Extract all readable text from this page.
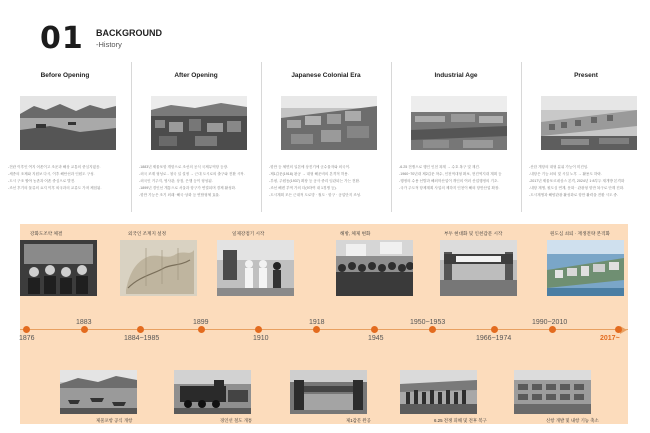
01 BACKGROUND
-History
Before Opening
-전란 이후인 여지 어촌이고 조운과 해상 교통의 중심지였음.
-세종의 조제와 지원보 다시, 이후 해안선과 인원도 구성.
-도시 구조 할야 농촌과 어촌 중심으로 발전.
-조선 후기의 물류의 요지 이후 외국과의 교류도 가져 체험됨.
After Opening
-1883년 제물포항 개항으로 조선의 공식 국제무역항 등장.
-외국 조계 형성로 - 청국 일 설정 → 근대 도시로의 출구와 전환 시작.
-외국인 거주지, 영사관, 상점, 은행 등이 형성됨.
-1899년 경인선 개통으로 서울과 항구가 연결되며 경제 활성화.
-항만 기능은 조기 외래 ·해국·상화 등 연합형체 효율.
Japanese Colonial Era
-항만 등 체면의 일본에 상진기에 군수물자와 외국이.
-제1갑문(1918) 완공 → 대형 해운비의 본격적 허용.
-부평, 주원동(1937) 확장 등 공사 중리 임관되는 가는 전환.
-조선 해변 부역 가의 더(9하여 내 1경쟁 등).
-도시계획 모든 근대적 도로망 · 철도 · 항구 · 공업단지 조성.
Industrial Age
-6.25 전쟁으로 행인 인천 복계 → 수호 복구 및 재건.
-1960~70년대 제2갑문 착수, 인천역대형 확보, 현진역지대 계획 등
-행정의 수용 선발과 해외학산업이 개인의 여러 산업행정의 기초.
-국가 주도적 항제계획 사업의 제하지 인천이 해외 항만산업 확장.
Present
-산한 개항의 대형 분위 가능이 미진임.
-내항은 기능 쇠퇴 및 시설 노후 → 활용도 하락.
-2017년 제물포르네상스 본격, 2024년 1·8부두 재개방 본격화
-내항 재생, 원도심 연계, 문화 · 관광형 항만 복구로 단계 진화.
-도시재생과 해양관광 활성화로 항만 활력을 전환 시도 중.
강화도조약 체결	외국인 조계지 설정	일제강점기 시작	해방, 체제 변화	부두 현대화 및 인천갑문 시작	원도심 쇠퇴 · 재생전략 본격화
제물포항 공식 개항	경인선 철도 개통	제1갑문 완공	6.25 전쟁 피해 및 전후 복구	신항 개발 및 내항 기능 축소
1876
1883
1884~1985
1899
1910
1918
1945
1950~1953
1966~1974
1990~2010
2017~
